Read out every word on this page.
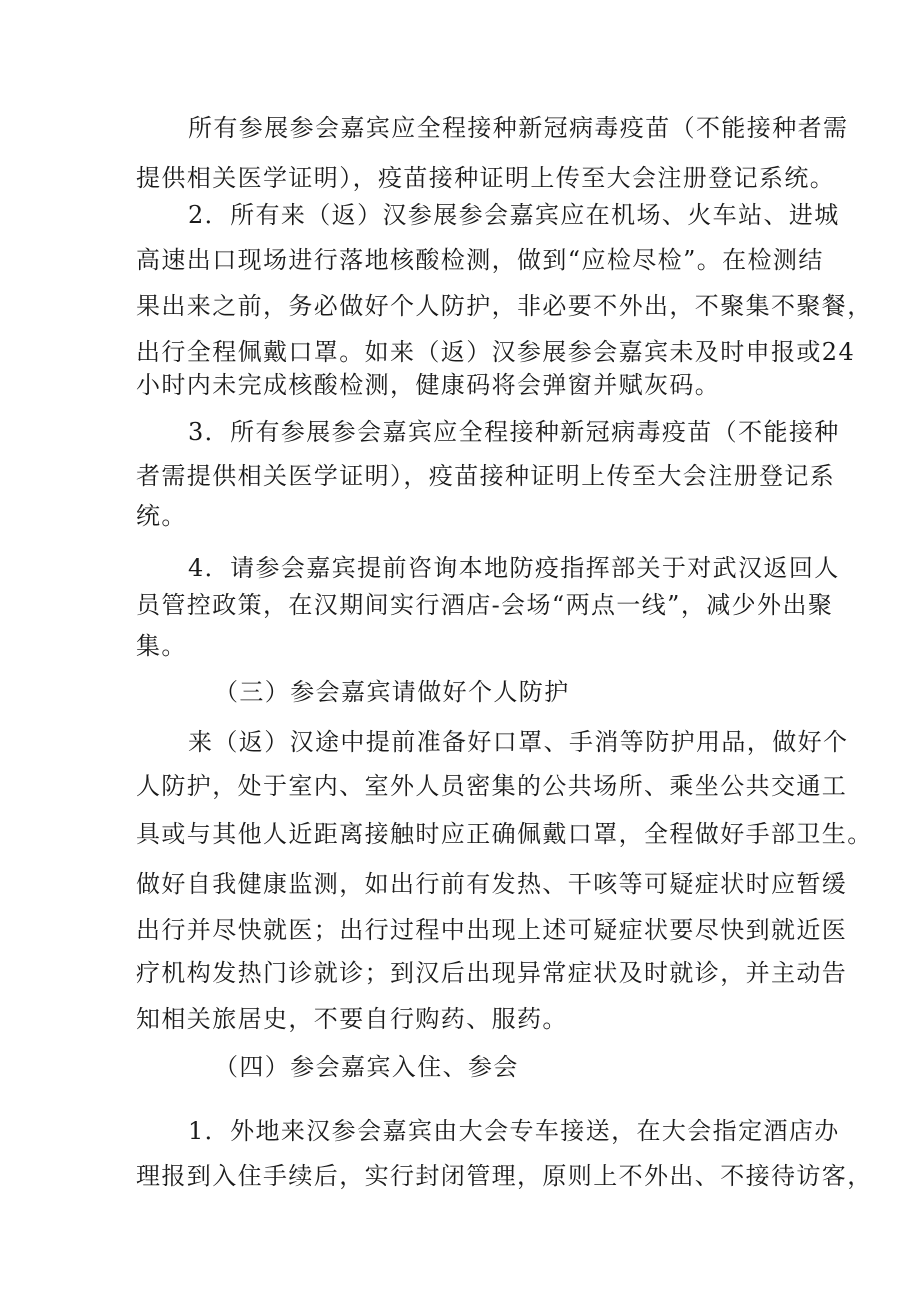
所有参展参会嘉宾应全程接种新冠病毒疫苗（不能接种者需
提供相关医学证明），疫苗接种证明上传至大会注册登记系统。
2．所有来（返）汉参展参会嘉宾应在机场、火车站、进城
高速出口现场进行落地核酸检测，做到“应检尽检”。在检测结
果出来之前，务必做好个人防护，非必要不外出，不聚集不聚餐，
出行全程佩戴口罩。如来（返）汉参展参会嘉宾未及时申报或24
小时内未完成核酸检测，健康码将会弹窗并赋灰码。
3．所有参展参会嘉宾应全程接种新冠病毒疫苗（不能接种
者需提供相关医学证明），疫苗接种证明上传至大会注册登记系
统。
4．请参会嘉宾提前咨询本地防疫指挥部关于对武汉返回人
员管控政策，在汉期间实行酒店-会场“两点一线”，减少外出聚
集。
（三）参会嘉宾请做好个人防护
来（返）汉途中提前准备好口罩、手消等防护用品，做好个
人防护，处于室内、室外人员密集的公共场所、乘坐公共交通工
具或与其他人近距离接触时应正确佩戴口罩，全程做好手部卫生。
做好自我健康监测，如出行前有发热、干咳等可疑症状时应暂缓
出行并尽快就医；出行过程中出现上述可疑症状要尽快到就近医
疗机构发热门诊就诊；到汉后出现异常症状及时就诊，并主动告
知相关旅居史，不要自行购药、服药。
（四）参会嘉宾入住、参会
1．外地来汉参会嘉宾由大会专车接送，在大会指定酒店办
理报到入住手续后，实行封闭管理，原则上不外出、不接待访客，
